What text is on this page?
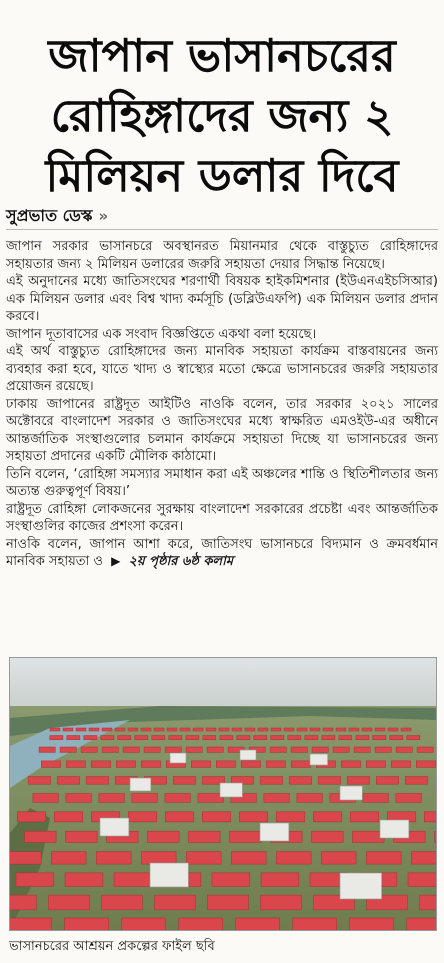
জাপান ভাসানচরের
রোহিঙ্গাদের জন্য ২
মিলিয়ন ডলার দিবে
সুপ্রভাত ডেস্ক »

জাপান সরকার ভাসানচরে অবস্থানরত মিয়ানমার থেকে বাস্তুচ্যুত রোহিঙ্গাদের সহায়তার জন্য ২ মিলিয়ন ডলারের জরুরি সহায়তা দেয়ার সিদ্ধান্ত নিয়েছে।

এই অনুদানের মধ্যে জাতিসংঘের শরণার্থী বিষয়ক হাইকমিশনার (ইউএনএইচসিআর) এক মিলিয়ন ডলার এবং বিশ্ব খাদ্য কর্মসূচি (ডব্লিউএফপি) এক মিলিয়ন ডলার প্রদান করবে।

জাপান দূতাবাসের এক সংবাদ বিজ্ঞপ্তিতে একথা বলা হয়েছে।

এই অর্থ বাস্তুচ্যুত রোহিঙ্গাদের জন্য মানবিক সহায়তা কার্যক্রম বাস্তবায়নের জন্য ব্যবহার করা হবে, যাতে খাদ্য ও স্বাস্থ্যের মতো ক্ষেত্রে ভাসানচরের জরুরি সহায়তার প্রয়োজন রয়েছে।

ঢাকায় জাপানের রাষ্ট্রদূত আইটিও নাওকি বলেন, তার সরকার ২০২১ সালের অক্টোবরে বাংলাদেশ সরকার ও জাতিসংঘের মধ্যে স্বাক্ষরিত এমওইউ-এর অধীনে আন্তর্জাতিক সংস্থাগুলোর চলমান কার্যক্রমে সহায়তা দিচ্ছে যা ভাসানচরের জন্য সহায়তা প্রদানের একটি মৌলিক কাঠামো।

তিনি বলেন, ‘রোহিঙ্গা সমস্যার সমাধান করা এই অঞ্চলের শান্তি ও স্থিতিশীলতার জন্য অত্যন্ত গুরুত্বপূর্ণ বিষয়।’

রাষ্ট্রদূত রোহিঙ্গা লোকজনের সুরক্ষায় বাংলাদেশ সরকারের প্রচেষ্টা এবং আন্তর্জাতিক সংস্থাগুলির কাজের প্রশংসা করেন।

নাওকি বলেন, জাপান আশা করে, জাতিসংঘ ভাসানচরে বিদ্যমান ও ক্রমবর্ধমান মানবিক সহায়তা ও ▶ ২য় পৃষ্ঠার ৬ষ্ঠ কলাম

ভাসানচরের আশ্রয়ন প্রকল্পের ফাইল ছবি
